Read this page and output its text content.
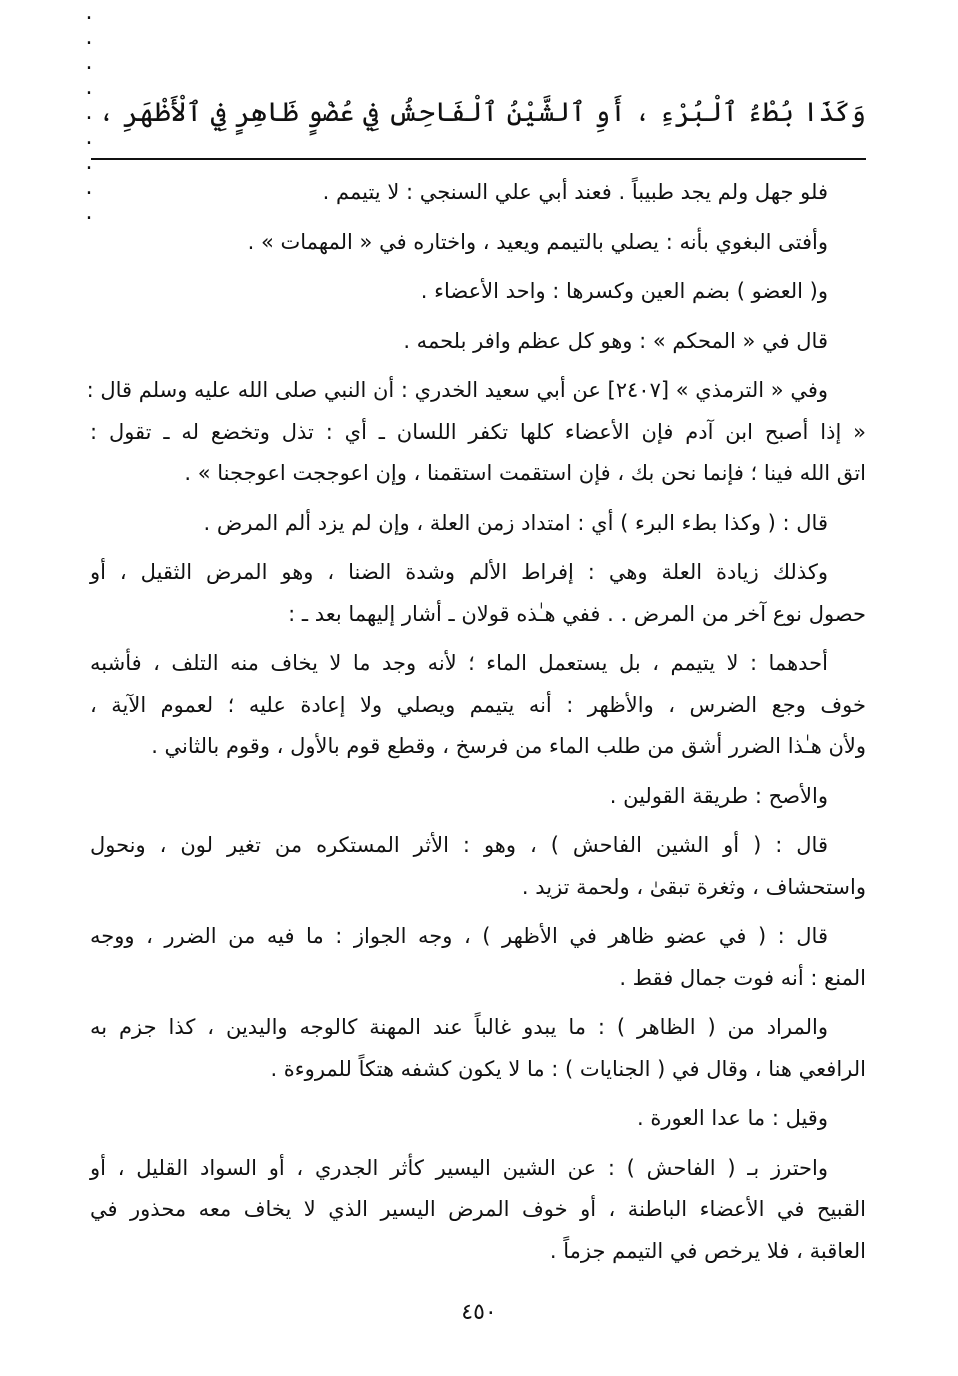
وَكَذَا بُطْءُ ٱلْبُرْءِ ، أَوِ ٱلشَّيْنُ ٱلْفَاحِشُ فِي عُضْوٍ ظَاهِرٍ فِي ٱلْأَظْهَرِ ،
. . . . . . . . .
فلو جهل ولم يجد طبيباً . فعند أبي علي السنجي : لا يتيمم .
وأفتى البغوي بأنه : يصلي بالتيمم ويعيد ، واختاره في « المهمات » .
و( العضو ) بضم العين وكسرها : واحد الأعضاء .
قال في « المحكم » : وهو كل عظم وافر بلحمه .
وفي « الترمذي » [٢٤٠٧] عن أبي سعيد الخدري : أن النبي صلى الله عليه وسلم قال :
« إذا أصبح ابن آدم فإن الأعضاء كلها تكفر اللسان ـ أي : تذل وتخضع له ـ تقول :
اتق الله فينا ؛ فإنما نحن بك ، فإن استقمت استقمنا ، وإن اعوججت اعوججنا » .
قال : ( وكذا بطء البرء ) أي : امتداد زمن العلة ، وإن لم يزد ألم المرض .
وكذلك زيادة العلة وهي : إفراط الألم وشدة الضنا ، وهو المرض الثقيل ، أو
حصول نوع آخر من المرض . . ففي هـٰذه قولان ـ أشار إليهما بعد ـ :
أحدهما : لا يتيمم ، بل يستعمل الماء ؛ لأنه وجد ما لا يخاف منه التلف ، فأشبه
خوف وجع الضرس ، والأظهر : أنه يتيمم ويصلي ولا إعادة عليه ؛ لعموم الآية ،
ولأن هـٰذا الضرر أشق من طلب الماء من فرسخ ، وقطع قوم بالأول ، وقوم بالثاني .
والأصح : طريقة القولين .
قال : ( أو الشين الفاحش ) ، وهو : الأثر المستكره من تغير لون ، ونحول
واستحشاف ، وثغرة تبقىٰ ، ولحمة تزيد .
قال : ( في عضو ظاهر في الأظهر ) ، وجه الجواز : ما فيه من الضرر ، ووجه
المنع : أنه فوت جمال فقط .
والمراد من ( الظاهر ) : ما يبدو غالباً عند المهنة كالوجه واليدين ، كذا جزم به
الرافعي هنا ، وقال في ( الجنايات ) : ما لا يكون كشفه هتكاً للمروءة .
وقيل : ما عدا العورة .
واحترز بـ ( الفاحش ) : عن الشين اليسير كأثر الجدري ، أو السواد القليل ، أو
القبيح في الأعضاء الباطنة ، أو خوف المرض اليسير الذي لا يخاف معه محذور في
العاقبة ، فلا يرخص في التيمم جزماً .
٤٥٠
